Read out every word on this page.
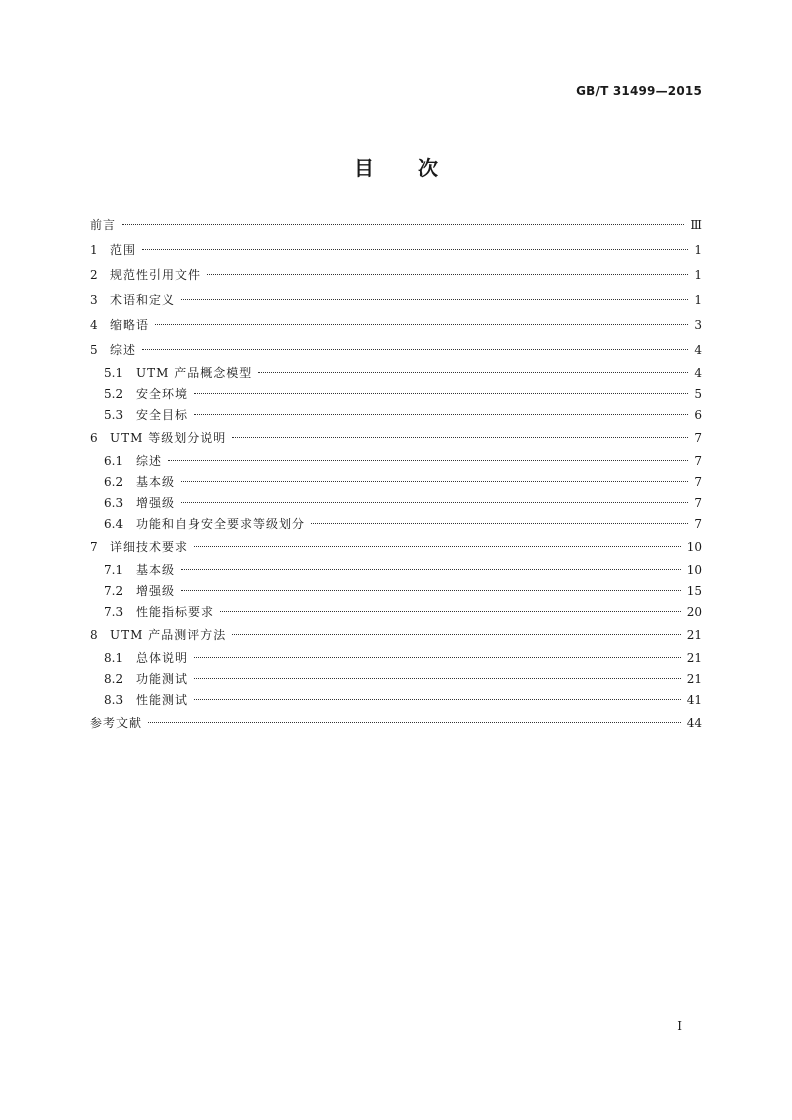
GB/T 31499—2015
目次
前言	Ⅲ
1	范围	1
2	规范性引用文件	1
3	术语和定义	1
4	缩略语	3
5	综述	4
5.1	UTM 产品概念模型	4
5.2	安全环境	5
5.3	安全目标	6
6	UTM 等级划分说明	7
6.1	综述	7
6.2	基本级	7
6.3	增强级	7
6.4	功能和自身安全要求等级划分	7
7	详细技术要求	10
7.1	基本级	10
7.2	增强级	15
7.3	性能指标要求	20
8	UTM 产品测评方法	21
8.1	总体说明	21
8.2	功能测试	21
8.3	性能测试	41
参考文献	44
I
